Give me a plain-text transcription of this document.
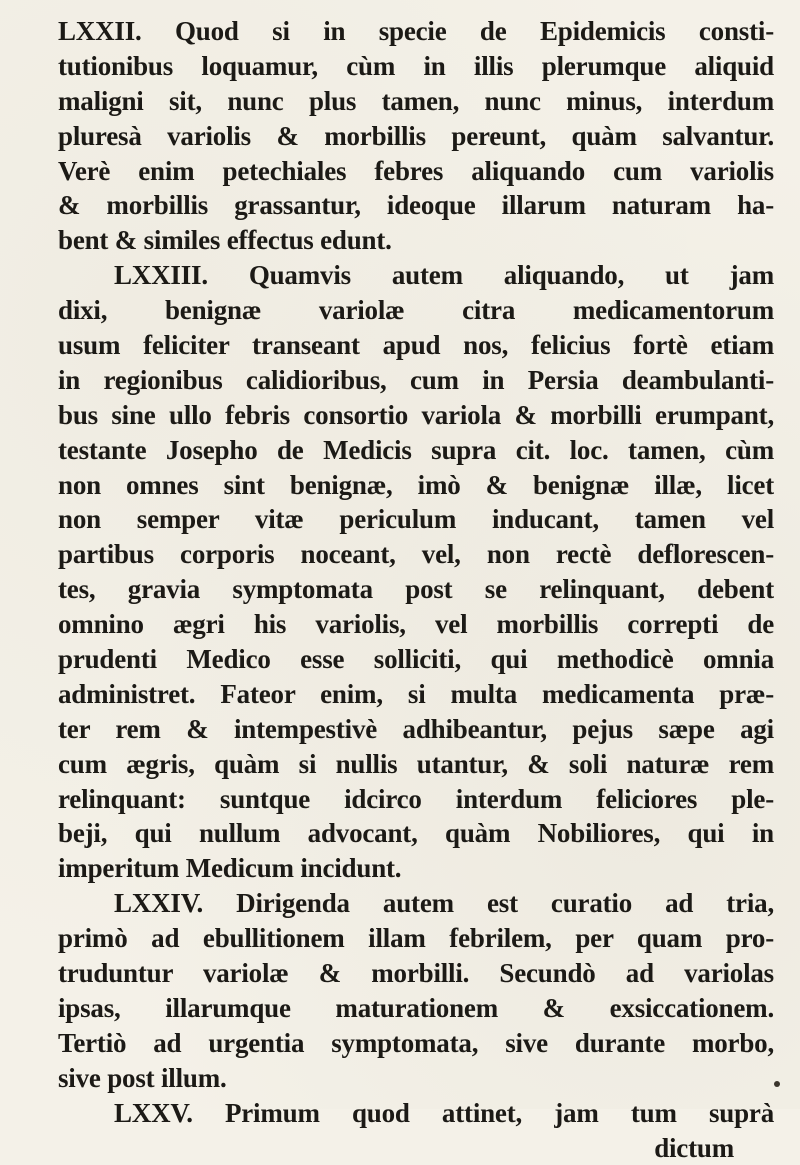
LXXII. Quod si in specie de Epidemicis consti-
tutionibus loquamur, cùm in illis plerumque aliquid
maligni sit, nunc plus tamen, nunc minus, interdum
pluresà variolis & morbillis pereunt, quàm salvantur.
Verè enim petechiales febres aliquando cum variolis
& morbillis grassantur, ideoque illarum naturam ha-
bent & similes effectus edunt.
LXXIII. Quamvis autem aliquando, ut jam
dixi, benignæ variolæ citra medicamentorum
usum feliciter transeant apud nos, felicius fortè etiam
in regionibus calidioribus, cum in Persia deambulanti-
bus sine ullo febris consortio variola & morbilli erumpant,
testante Josepho de Medicis supra cit. loc. tamen, cùm
non omnes sint benignæ, imò & benignæ illæ, licet
non semper vitæ periculum inducant, tamen vel
partibus corporis noceant, vel, non rectè deflorescen-
tes, gravia symptomata post se relinquant, debent
omnino ægri his variolis, vel morbillis correpti de
prudenti Medico esse solliciti, qui methodicè omnia
administret. Fateor enim, si multa medicamenta præ-
ter rem & intempestivè adhibeantur, pejus sæpe agi
cum ægris, quàm si nullis utantur, & soli naturæ rem
relinquant: suntque idcirco interdum feliciores ple-
beji, qui nullum advocant, quàm Nobiliores, qui in
imperitum Medicum incidunt.
LXXIV. Dirigenda autem est curatio ad tria,
primò ad ebullitionem illam febrilem, per quam pro-
truduntur variolæ & morbilli. Secundò ad variolas
ipsas, illarumque maturationem & exsiccationem.
Tertiò ad urgentia symptomata, sive durante morbo,
sive post illum.
LXXV. Primum quod attinet, jam tum suprà
dictum
